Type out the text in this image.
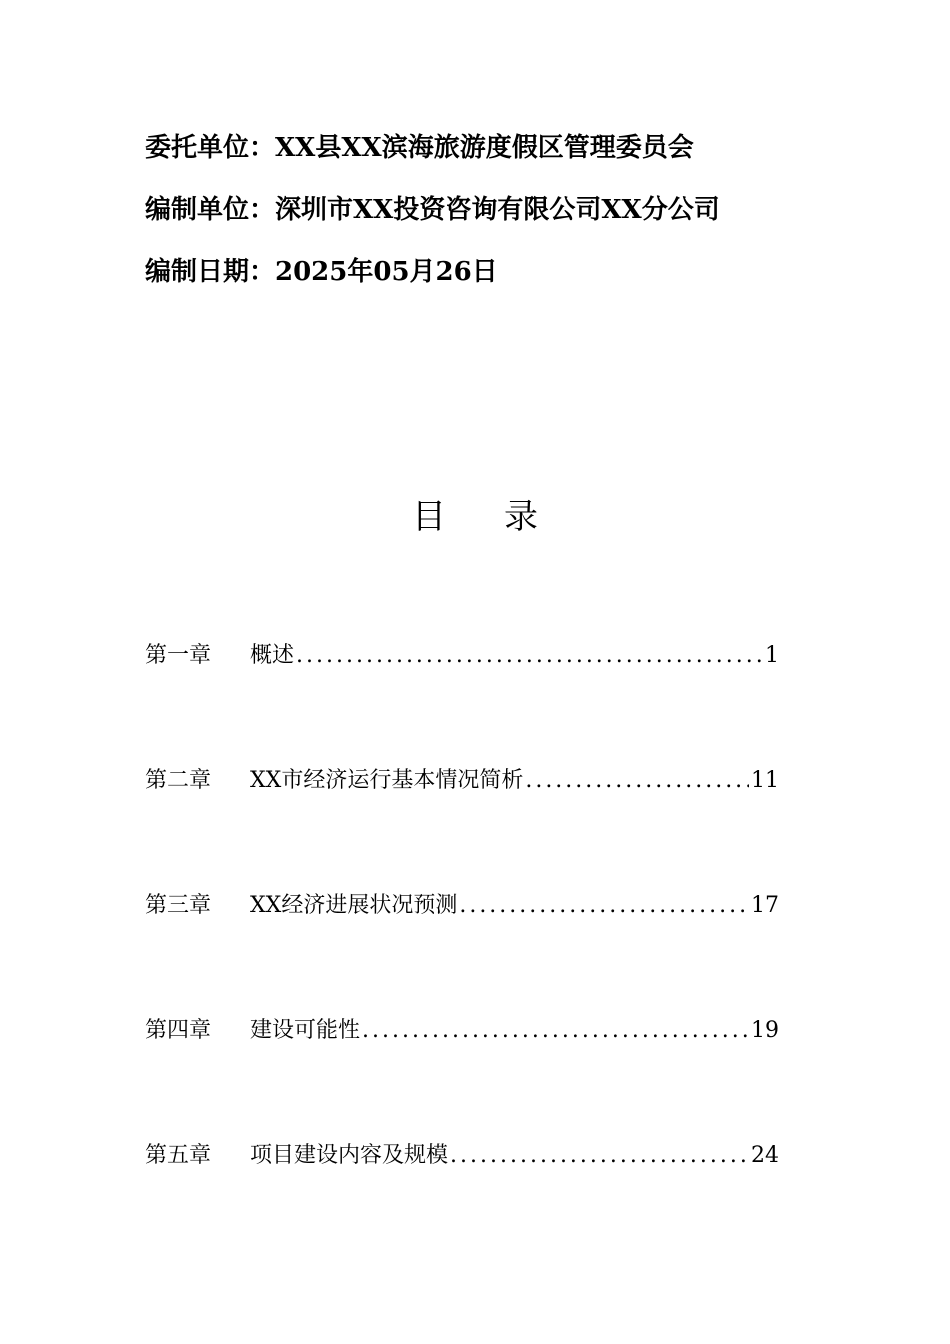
委托单位：XX县XX滨海旅游度假区管理委员会
编制单位：深圳市XX投资咨询有限公司XX分公司
编制日期：2025年05月26日
目 录
第一章	概述 .....	1
第二章	XX市经济运行基本情况简析 .....	11
第三章	XX经济进展状况预测 .....	17
第四章	建设可能性 .....	19
第五章	项目建设内容及规模 .....	24
